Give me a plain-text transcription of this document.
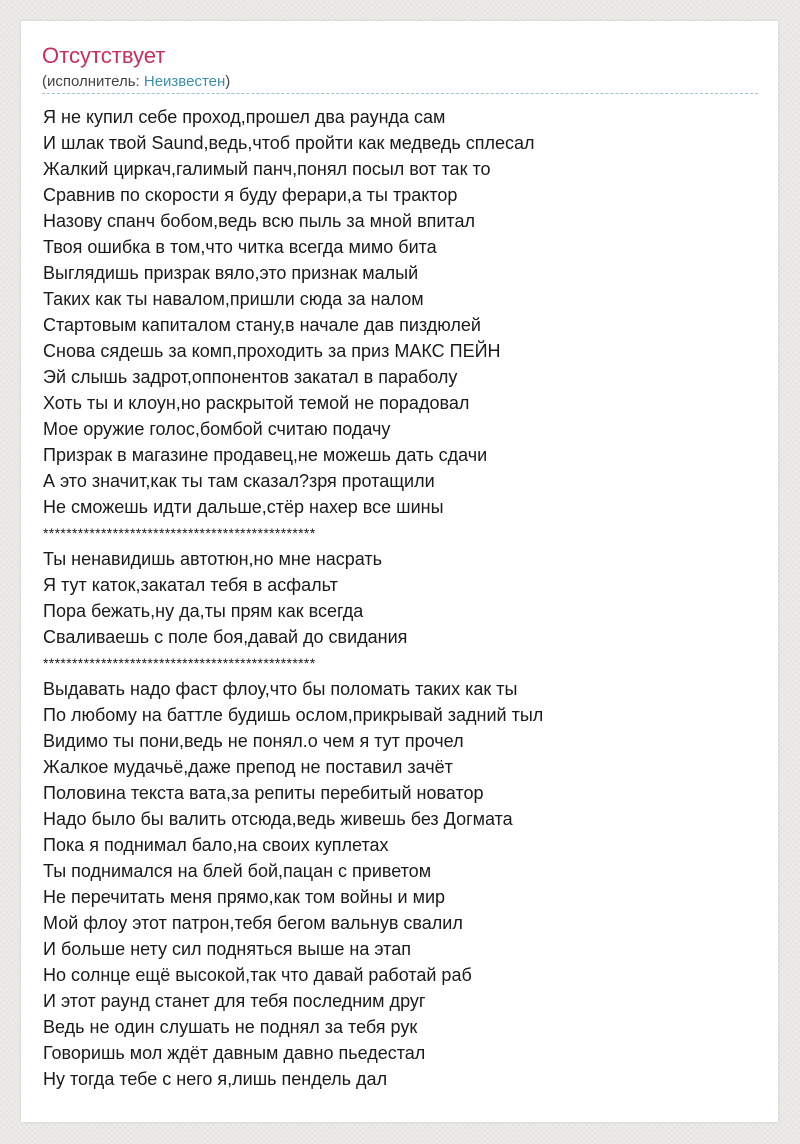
Отсутствует
(исполнитель: Неизвестен)
Я не купил себе проход,прошел два раунда сам
И шлак твой Saund,ведь,чтоб пройти как медведь сплесал
Жалкий циркач,галимый панч,понял посыл вот так то
Сравнив по скорости я буду ферари,а ты трактор
Назову спанч бобом,ведь всю пыль за мной впитал
Твоя ошибка в том,что читка всегда мимо бита
Выглядишь призрак вяло,это признак малый
Таких как ты навалом,пришли сюда за налом
Стартовым капиталом стану,в начале дав пиздюлей
Снова сядешь за комп,проходить за приз МАКС ПЕЙН
Эй слышь задрот,оппонентов закатал в параболу
Хоть ты и клоун,но раскрытой темой не порадовал
Мое оружие голос,бомбой считаю подачу
Призрак в магазине продавец,не можешь дать сдачи
А это значит,как ты там сказал?зря протащили
Не сможешь идти дальше,стёр нахер все шины
***********************************************
Ты ненавидишь автотюн,но мне насрать
Я тут каток,закатал тебя в асфальт
Пора бежать,ну да,ты прям как всегда
Сваливаешь с поле боя,давай до свидания
***********************************************
Выдавать надо фаст флоу,что бы поломать таких как ты
По любому на баттле будишь ослом,прикрывай задний тыл
Видимо ты пони,ведь не понял.о чем я тут прочел
Жалкое мудачьё,даже препод не поставил зачёт
Половина текста вата,за репиты перебитый новатор
Надо было бы валить отсюда,ведь живешь без Догмата
Пока я поднимал бало,на своих куплетах
Ты поднимался на блей бой,пацан с приветом
Не перечитать меня прямо,как том войны и мир
Мой флоу этот патрон,тебя бегом вальнув свалил
И больше нету сил подняться выше на этап
Но солнце ещё высокой,так что давай работай раб
И этот раунд станет для тебя последним друг
Ведь не один слушать не поднял за тебя рук
Говоришь мол ждёт давным давно пьедестал
Ну тогда тебе с него я,лишь пендель дал
